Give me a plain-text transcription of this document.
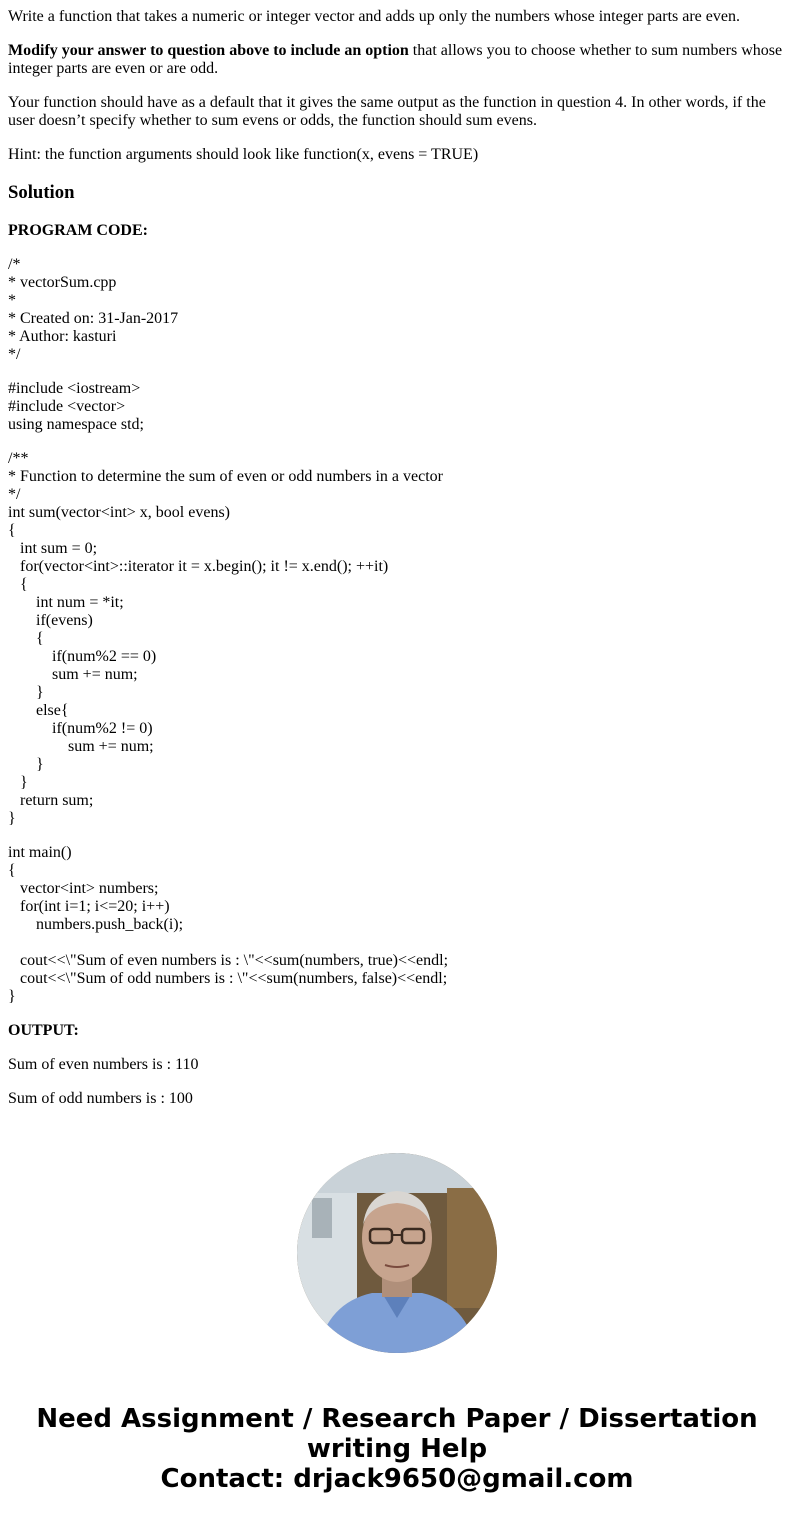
Write a function that takes a numeric or integer vector and adds up only the numbers whose integer parts are even.

Modify your answer to question above to include an option that allows you to choose whether to sum numbers whose integer parts are even or are odd.

Your function should have as a default that it gives the same output as the function in question 4. In other words, if the user doesn’t specify whether to sum evens or odds, the function should sum evens.

Hint: the function arguments should look like function(x, evens = TRUE)

Solution

PROGRAM CODE:

/*
* vectorSum.cpp
*
* Created on: 31-Jan-2017
* Author: kasturi
*/

#include <iostream>
#include <vector>
using namespace std;

/**
* Function to determine the sum of even or odd numbers in a vector
*/
int sum(vector<int> x, bool evens)
{
int sum = 0;
for(vector<int>::iterator it = x.begin(); it != x.end(); ++it)
{
int num = *it;
if(evens)
{
if(num%2 == 0)
sum += num;
}
else{
if(num%2 != 0)
sum += num;
}
}
return sum;
}

int main()
{
vector<int> numbers;
for(int i=1; i<=20; i++)
numbers.push_back(i);
cout<<\"Sum of even numbers is : \"<<sum(numbers, true)<<endl;
cout<<\"Sum of odd numbers is : \"<<sum(numbers, false)<<endl;
}

OUTPUT:

Sum of even numbers is : 110

Sum of odd numbers is : 100

Need Assignment / Research Paper / Dissertation
writing Help
Contact: drjack9650@gmail.com
